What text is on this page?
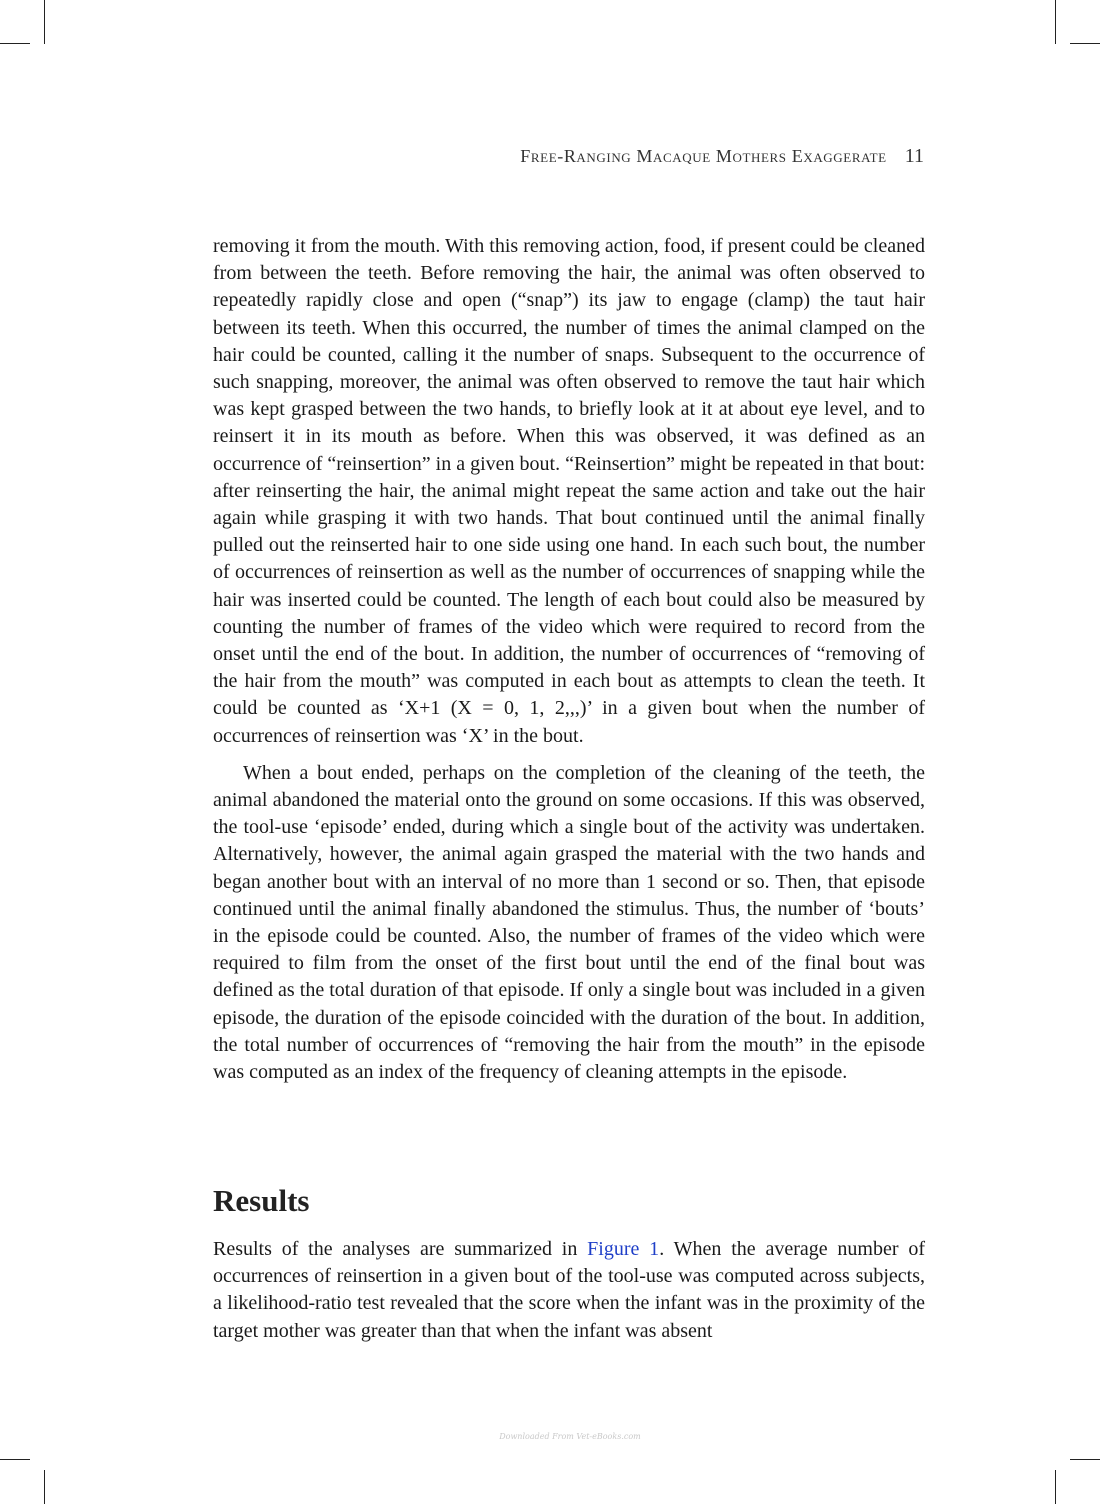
Free-Ranging Macaque Mothers Exaggerate 11

removing it from the mouth. With this removing action, food, if present could be cleaned from between the teeth. Before removing the hair, the animal was often observed to repeatedly rapidly close and open (“snap”) its jaw to engage (clamp) the taut hair between its teeth. When this occurred, the number of times the animal clamped on the hair could be counted, calling it the number of snaps. Subsequent to the occurrence of such snapping, moreover, the animal was often observed to remove the taut hair which was kept grasped between the two hands, to briefly look at it at about eye level, and to reinsert it in its mouth as before. When this was observed, it was defined as an occurrence of “reinsertion” in a given bout. “Reinsertion” might be repeated in that bout: after reinserting the hair, the animal might repeat the same action and take out the hair again while grasping it with two hands. That bout continued until the animal finally pulled out the reinserted hair to one side using one hand. In each such bout, the number of occurrences of reinsertion as well as the number of occurrences of snapping while the hair was inserted could be counted. The length of each bout could also be measured by counting the number of frames of the video which were required to record from the onset until the end of the bout. In addition, the number of occurrences of “removing of the hair from the mouth” was computed in each bout as attempts to clean the teeth. It could be counted as ‘X+1 (X = 0, 1, 2,,,)’ in a given bout when the number of occurrences of reinsertion was ‘X’ in the bout.

When a bout ended, perhaps on the completion of the cleaning of the teeth, the animal abandoned the material onto the ground on some occasions. If this was observed, the tool-use ‘episode’ ended, during which a single bout of the activity was undertaken. Alternatively, however, the animal again grasped the material with the two hands and began another bout with an interval of no more than 1 second or so. Then, that episode continued until the animal finally abandoned the stimulus. Thus, the number of ‘bouts’ in the episode could be counted. Also, the number of frames of the video which were required to film from the onset of the first bout until the end of the final bout was defined as the total duration of that episode. If only a single bout was included in a given episode, the duration of the episode coincided with the duration of the bout. In addition, the total number of occurrences of “removing the hair from the mouth” in the episode was computed as an index of the frequency of cleaning attempts in the episode.

Results

Results of the analyses are summarized in Figure 1. When the average number of occurrences of reinsertion in a given bout of the tool-use was computed across subjects, a likelihood-ratio test revealed that the score when the infant was in the proximity of the target mother was greater than that when the infant was absent

Downloaded From Vet-eBooks.com
